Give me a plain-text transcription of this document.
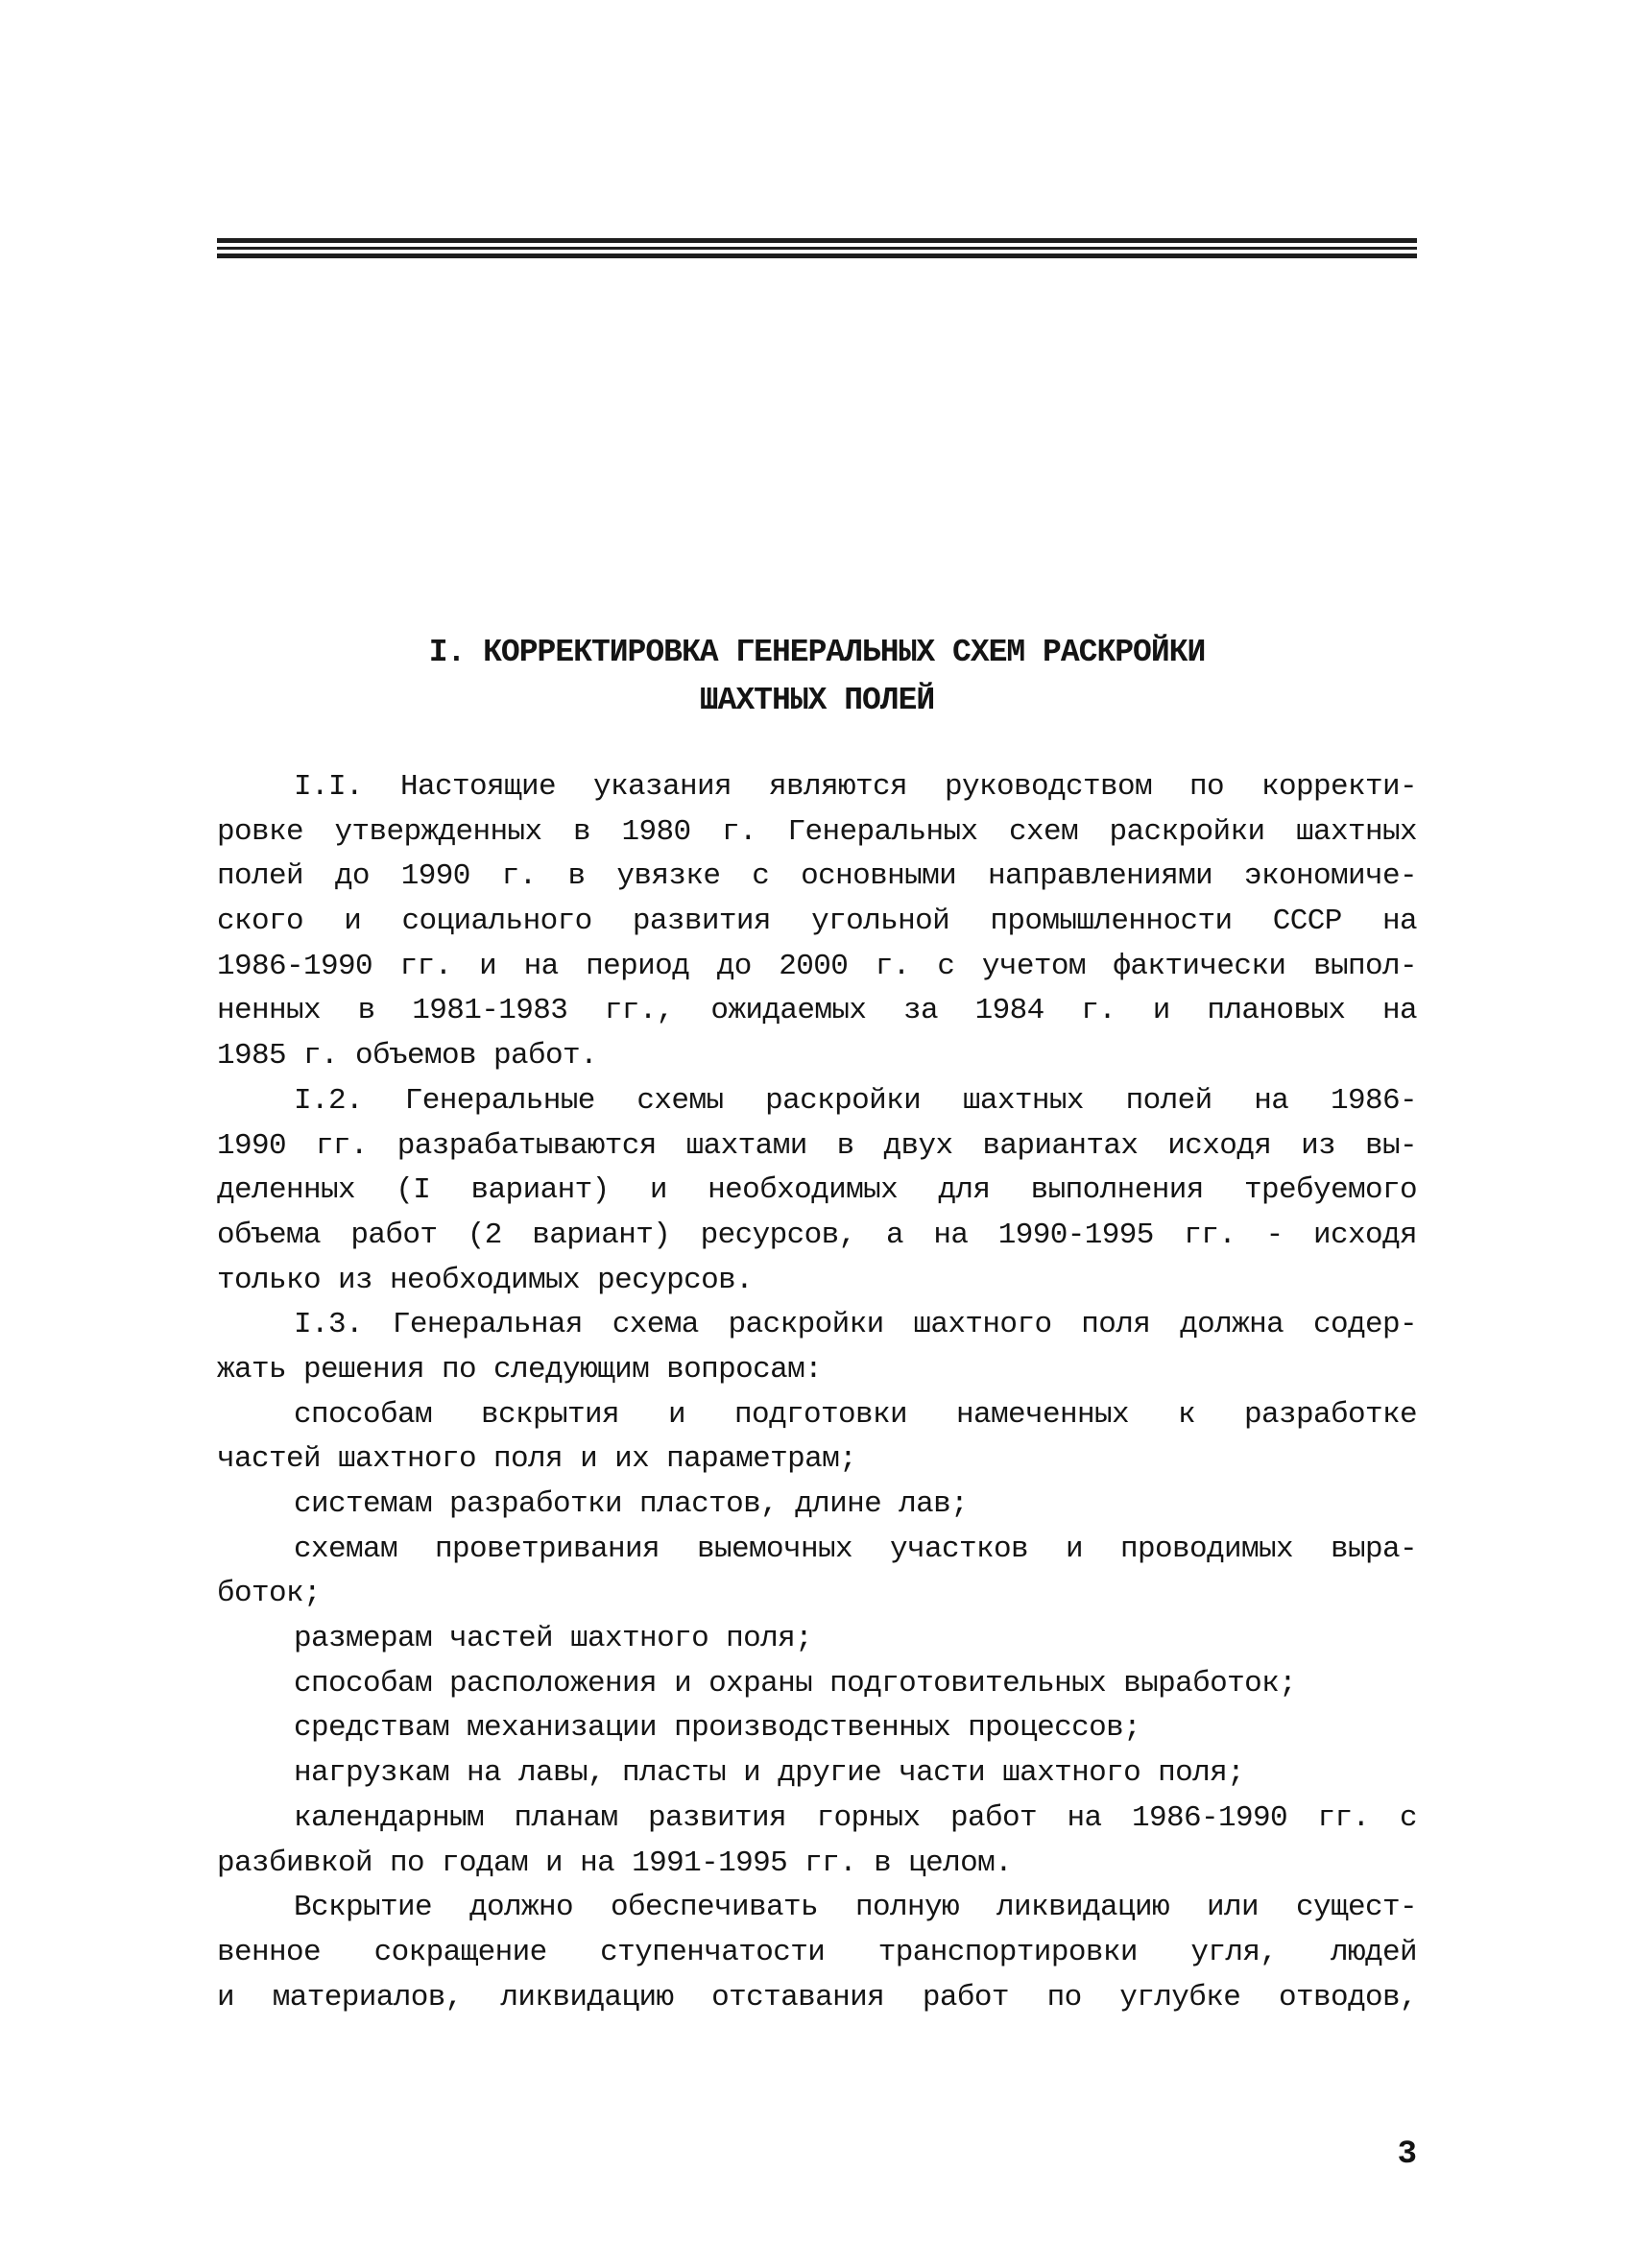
I. КОРРЕКТИРОВКА ГЕНЕРАЛЬНЫХ СХЕМ РАСКРОЙКИ
ШАХТНЫХ ПОЛЕЙ
I.I. Настоящие указания являются руководством по корректи-
ровке утвержденных в 1980 г. Генеральных схем раскройки шахтных
полей до 1990 г. в увязке с основными направлениями экономиче-
ского и социального развития угольной промышленности СССР на
1986-1990 гг. и на период до 2000 г. с учетом фактически выпол-
ненных в 1981-1983 гг., ожидаемых за 1984 г. и плановых на
1985 г. объемов работ.
I.2. Генеральные схемы раскройки шахтных полей на 1986-
1990 гг. разрабатываются шахтами в двух вариантах исходя из вы-
деленных (I вариант) и необходимых для выполнения требуемого
объема работ (2 вариант) ресурсов, а на 1990-1995 гг. - исходя
только из необходимых ресурсов.
I.3. Генеральная схема раскройки шахтного поля должна содер-
жать решения по следующим вопросам:
способам вскрытия и подготовки намеченных к разработке
частей шахтного поля и их параметрам;
системам разработки пластов, длине лав;
схемам проветривания выемочных участков и проводимых выра-
боток;
размерам частей шахтного поля;
способам расположения и охраны подготовительных выработок;
средствам механизации производственных процессов;
нагрузкам на лавы, пласты и другие части шахтного поля;
календарным планам развития горных работ на 1986-1990 гг. с
разбивкой по годам и на 1991-1995 гг. в целом.
Вскрытие должно обеспечивать полную ликвидацию или сущест-
венное сокращение ступенчатости транспортировки угля, людей
и материалов, ликвидацию отставания работ по углубке отводов,
3
